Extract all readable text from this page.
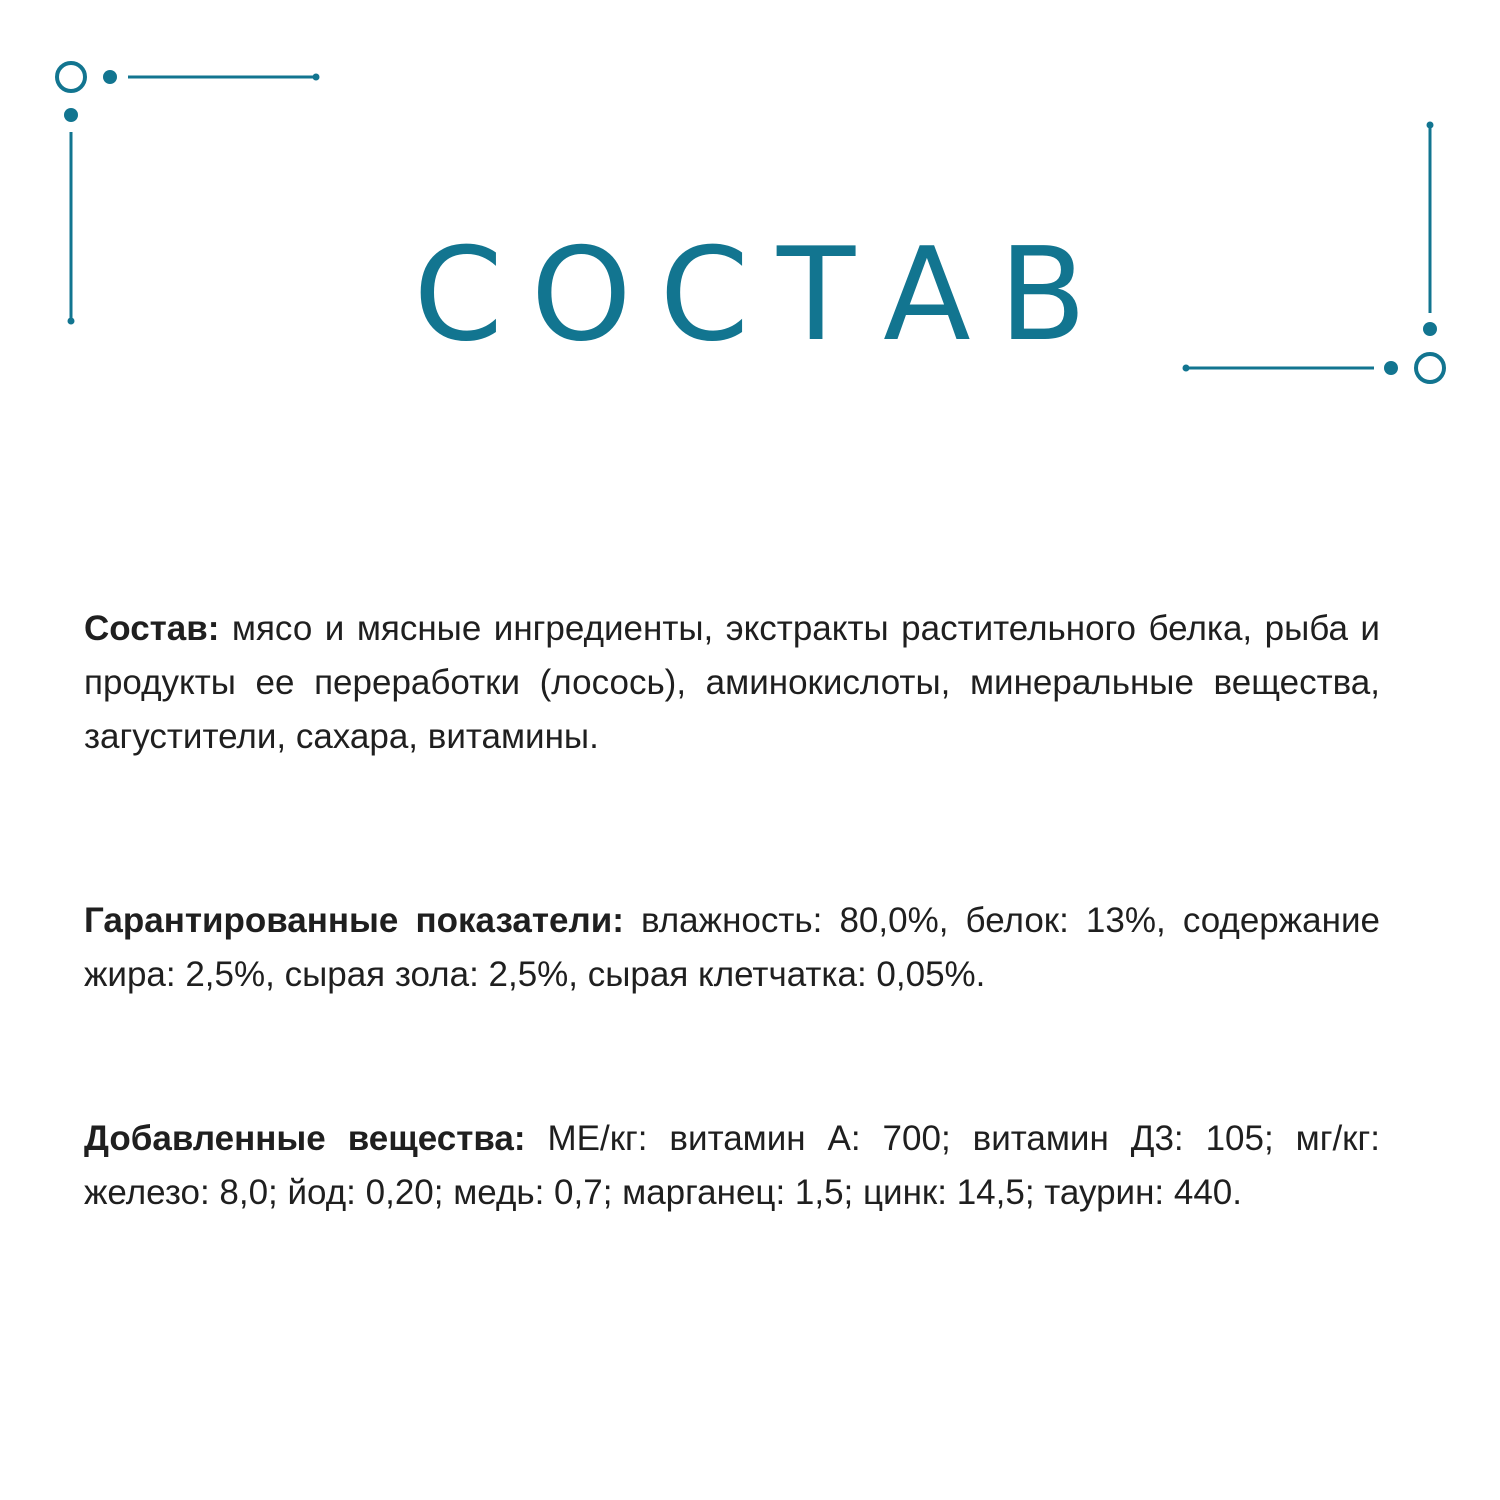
СОСТАВ

Состав: мясо и мясные ингредиенты, экстракты растительного белка, рыба и продукты ее переработки (лосось), аминокислоты, минеральные вещества, загустители, сахара, витамины.

Гарантированные показатели: влажность: 80,0%, белок: 13%, содержание жира: 2,5%, сырая зола: 2,5%, сырая клетчатка: 0,05%.

Добавленные вещества: МЕ/кг: витамин А: 700; витамин Д3: 105; мг/кг: железо: 8,0; йод: 0,20; медь: 0,7; марганец: 1,5; цинк: 14,5; таурин: 440.
